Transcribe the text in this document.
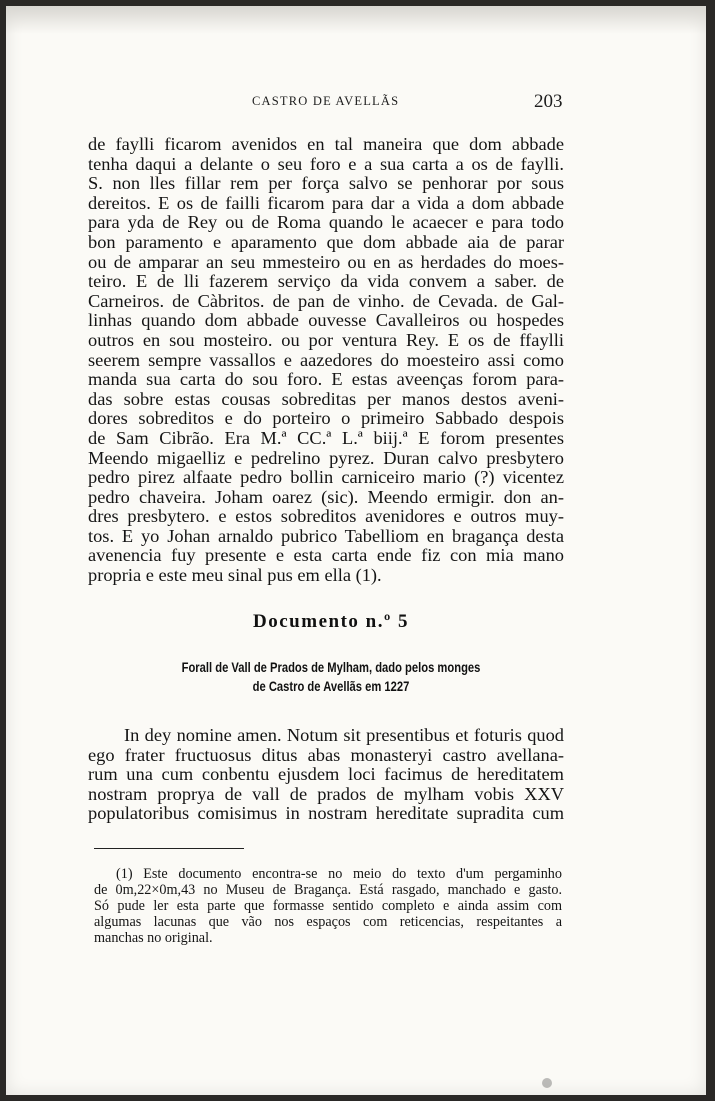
CASTRO DE AVELLÃS	203
de faylli ficarom avenidos en tal maneira que dom abbade
tenha daqui a delante o seu foro e a sua carta a os de faylli.
S. non lles fillar rem per força salvo se penhorar por sous
dereitos. E os de failli ficarom para dar a vida a dom abbade
para yda de Rey ou de Roma quando le acaecer e para todo
bon paramento e aparamento que dom abbade aia de parar
ou de amparar an seu mmesteiro ou en as herdades do moes-
teiro. E de lli fazerem serviço da vida convem a saber. de
Carneiros. de Càbritos. de pan de vinho. de Cevada. de Gal-
linhas quando dom abbade ouvesse Cavalleiros ou hospedes
outros en sou mosteiro. ou por ventura Rey. E os de ffaylli
seerem sempre vassallos e aazedores do moesteiro assi como
manda sua carta do sou foro. E estas aveenças forom para-
das sobre estas cousas sobreditas per manos destos aveni-
dores sobreditos e do porteiro o primeiro Sabbado despois
de Sam Cibrão. Era M.ª CC.ª L.ª biij.ª E forom presentes
Meendo migaelliz e pedrelino pyrez. Duran calvo presbytero
pedro pirez alfaate pedro bollin carniceiro mario (?) vicentez
pedro chaveira. Joham oarez (sic). Meendo ermigir. don an-
dres presbytero. e estos sobreditos avenidores e outros muy-
tos. E yo Johan arnaldo pubrico Tabelliom en bragança desta
avenencia fuy presente e esta carta ende fiz con mia mano
propria e este meu sinal pus em ella (1).
Documento n.º 5
Forall de Vall de Prados de Mylham, dado pelos monges
de Castro de Avellãs em 1227
In dey nomine amen. Notum sit presentibus et foturis quod
ego frater fructuosus ditus abas monasteryi castro avellana-
rum una cum conbentu ejusdem loci facimus de hereditatem
nostram proprya de vall de prados de mylham vobis XXV
populatoribus comisimus in nostram hereditate supradita cum
(1) Este documento encontra-se no meio do texto d'um pergaminho
de 0m,22×0m,43 no Museu de Bragança. Está rasgado, manchado e gasto.
Só pude ler esta parte que formasse sentido completo e ainda assim com
algumas lacunas que vão nos espaços com reticencias, respeitantes a
manchas no original.
